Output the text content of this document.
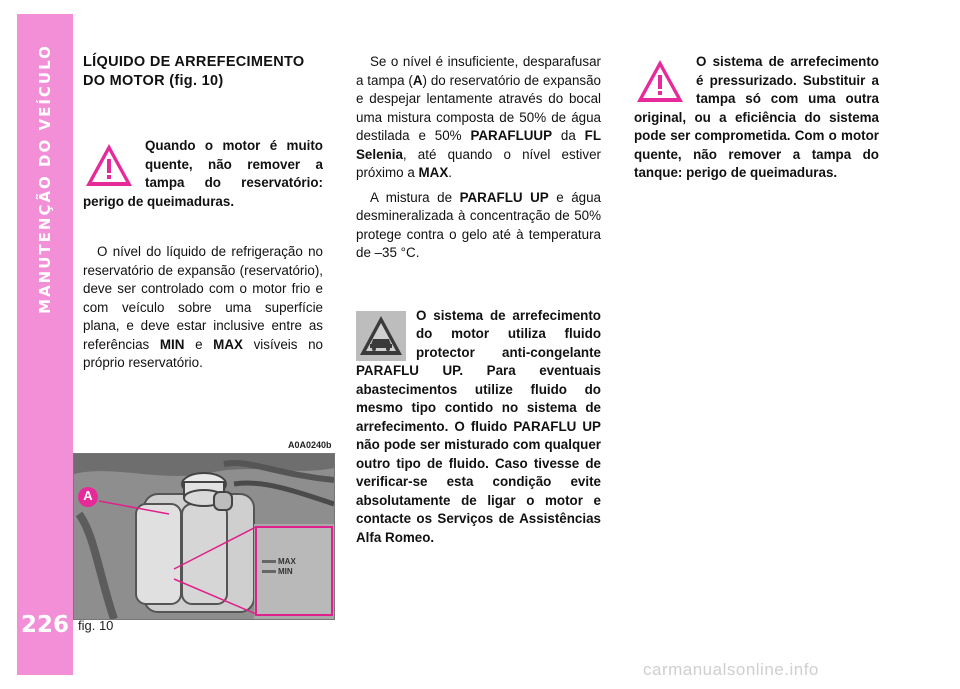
MANUTENÇÃO DO VEÍCULO
226

LÍQUIDO DE ARREFECIMENTO DO MOTOR (fig. 10)

Quando o motor é muito quente, não remover a tampa do reservatório: perigo de queimaduras.

O nível do líquido de refrigeração no reservatório de expansão (reservatório), deve ser controlado com o motor frio e com veículo sobre uma superfície plana, e deve estar inclusive entre as referências MIN e MAX visíveis no próprio reservatório.

A0A0240b
A
MAX
MIN
fig. 10

Se o nível é insuficiente, desparafusar a tampa (A) do reservatório de expansão e despejar lentamente através do bocal uma mistura composta de 50% de água destilada e 50% PARAFLUUP da FL Selenia, até quando o nível estiver próximo a MAX.

A mistura de PARAFLU UP e água desmineralizada à concentração de 50% protege contra o gelo até à temperatura de –35 °C.

O sistema de arrefecimento do motor utiliza fluido protector anti-congelante PARAFLU UP. Para eventuais abastecimentos utilize fluido do mesmo tipo contido no sistema de arrefecimento. O fluido PARAFLU UP não pode ser misturado com qualquer outro tipo de fluido. Caso tivesse de verificar-se esta condição evite absolutamente de ligar o motor e contacte os Serviços de Assistências Alfa Romeo.

O sistema de arrefecimento é pressurizado. Substituir a tampa só com uma outra original, ou a eficiência do sistema pode ser comprometida. Com o motor quente, não remover a tampa do tanque: perigo de queimaduras.

carmanualsonline.info
